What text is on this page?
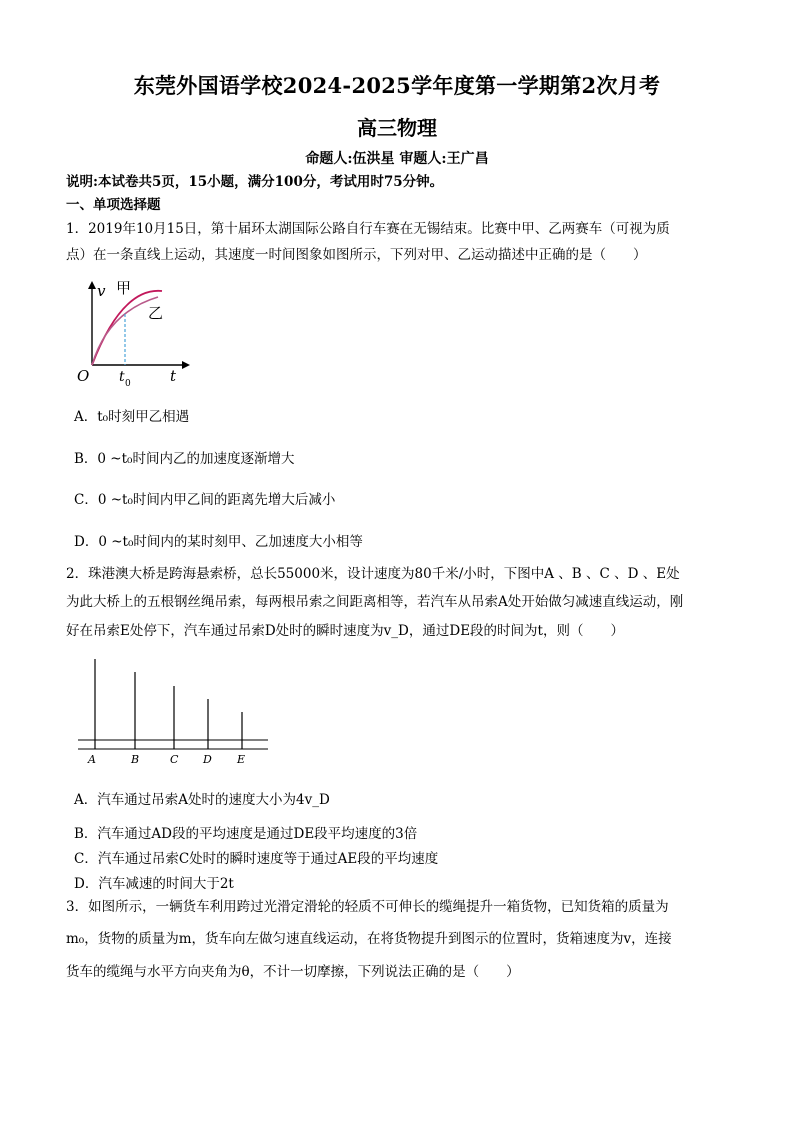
东莞外国语学校2024-2025学年度第一学期第2次月考
高三物理
命题人:伍洪星 审题人:王广昌
说明:本试卷共5页，15小题，满分100分，考试用时75分钟。
一、单项选择题
1．2019年10月15日，第十届环太湖国际公路自行车赛在无锡结束。比赛中甲、乙两赛车（可视为质
点）在一条直线上运动，其速度一时间图象如图所示，下列对甲、乙运动描述中正确的是（　　）
v 甲
乙
O t 0	t
A．t₀时刻甲乙相遇
B．0 ~t₀时间内乙的加速度逐渐增大
C．0 ~t₀时间内甲乙间的距离先增大后减小
D．0 ~t₀时间内的某时刻甲、乙加速度大小相等
2．珠港澳大桥是跨海悬索桥，总长55000米，设计速度为80千米/小时，下图中A 、B 、C 、D 、E处
为此大桥上的五根钢丝绳吊索，每两根吊索之间距离相等，若汽车从吊索A处开始做匀减速直线运动，刚
好在吊索E处停下，汽车通过吊索D处时的瞬时速度为v_D，通过DE段的时间为t，则（　　）
A	B	C D E
A．汽车通过吊索A处时的速度大小为4v_D
B．汽车通过AD段的平均速度是通过DE段平均速度的3倍
C．汽车通过吊索C处时的瞬时速度等于通过AE段的平均速度
D．汽车减速的时间大于2t
3．如图所示，一辆货车利用跨过光滑定滑轮的轻质不可伸长的缆绳提升一箱货物，已知货箱的质量为
m₀，货物的质量为m，货车向左做匀速直线运动，在将货物提升到图示的位置时，货箱速度为v，连接
货车的缆绳与水平方向夹角为θ，不计一切摩擦，下列说法正确的是（　　）
